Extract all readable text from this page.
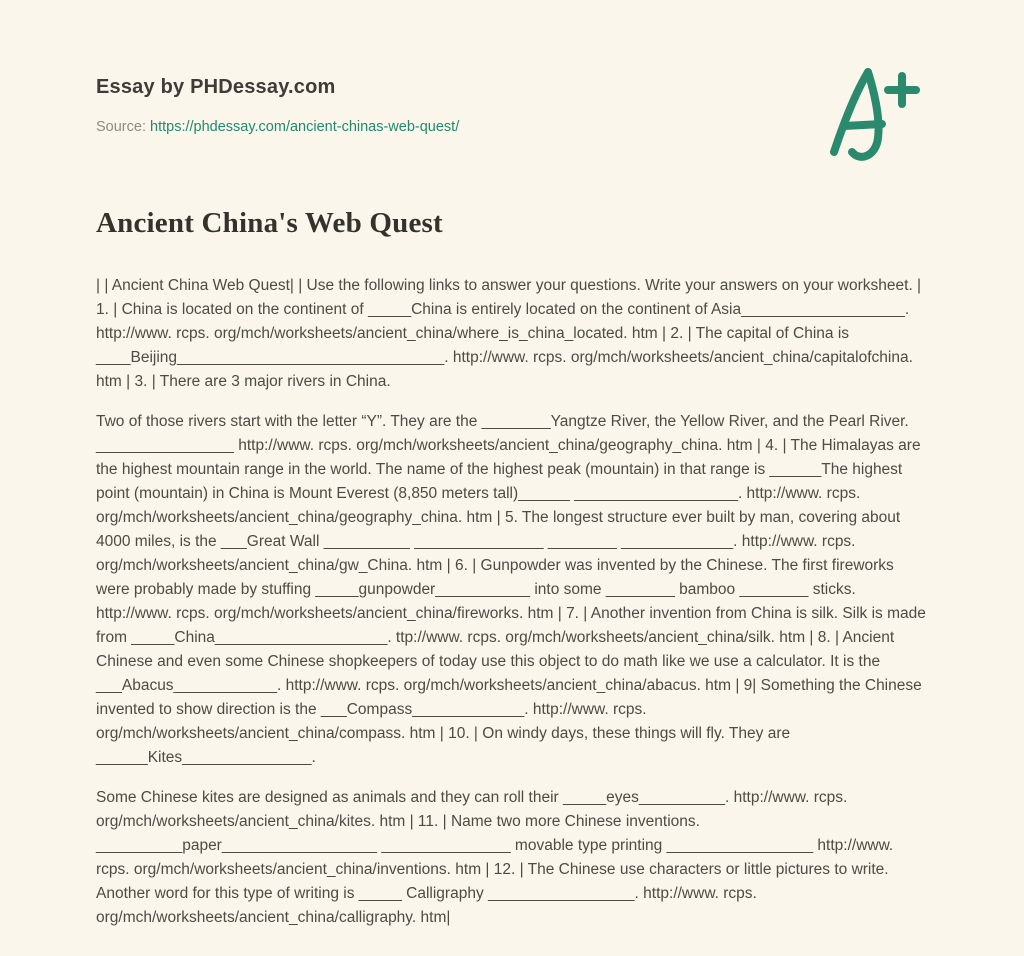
Essay by PHDessay.com
Source: https://phdessay.com/ancient-chinas-web-quest/
Ancient China's Web Quest

| | Ancient China Web Quest| | Use the following links to answer your questions. Write your answers on your worksheet. | 1. | China is located on the continent of _____China is entirely located on the continent of Asia___________________. http://www. rcps. org/mch/worksheets/ancient_china/where_is_china_located. htm | 2. | The capital of China is ____Beijing_______________________________. http://www. rcps. org/mch/worksheets/ancient_china/capitalofchina. htm | 3. | There are 3 major rivers in China.

Two of those rivers start with the letter “Y”. They are the ________Yangtze River, the Yellow River, and the Pearl River. ________________ http://www. rcps. org/mch/worksheets/ancient_china/geography_china. htm | 4. | The Himalayas are the highest mountain range in the world. The name of the highest peak (mountain) in that range is ______The highest point (mountain) in China is Mount Everest (8,850 meters tall)______ ___________________. http://www. rcps. org/mch/worksheets/ancient_china/geography_china. htm | 5. The longest structure ever built by man, covering about 4000 miles, is the ___Great Wall __________ _______________ ________ _____________. http://www. rcps. org/mch/worksheets/ancient_china/gw_China. htm | 6. | Gunpowder was invented by the Chinese. The first fireworks were probably made by stuffing _____gunpowder___________ into some ________ bamboo ________ sticks. http://www. rcps. org/mch/worksheets/ancient_china/fireworks. htm | 7. | Another invention from China is silk. Silk is made from _____China____________________. ttp://www. rcps. org/mch/worksheets/ancient_china/silk. htm | 8. | Ancient Chinese and even some Chinese shopkeepers of today use this object to do math like we use a calculator. It is the ___Abacus____________. http://www. rcps. org/mch/worksheets/ancient_china/abacus. htm | 9| Something the Chinese invented to show direction is the ___Compass_____________. http://www. rcps. org/mch/worksheets/ancient_china/compass. htm | 10. | On windy days, these things will fly. They are ______Kites_______________.

Some Chinese kites are designed as animals and they can roll their _____eyes__________. http://www. rcps. org/mch/worksheets/ancient_china/kites. htm | 11. | Name two more Chinese inventions. __________paper__________________ _______________ movable type printing _________________ http://www. rcps. org/mch/worksheets/ancient_china/inventions. htm | 12. | The Chinese use characters or little pictures to write. Another word for this type of writing is _____ Calligraphy _________________. http://www. rcps. org/mch/worksheets/ancient_china/calligraphy. htm|
